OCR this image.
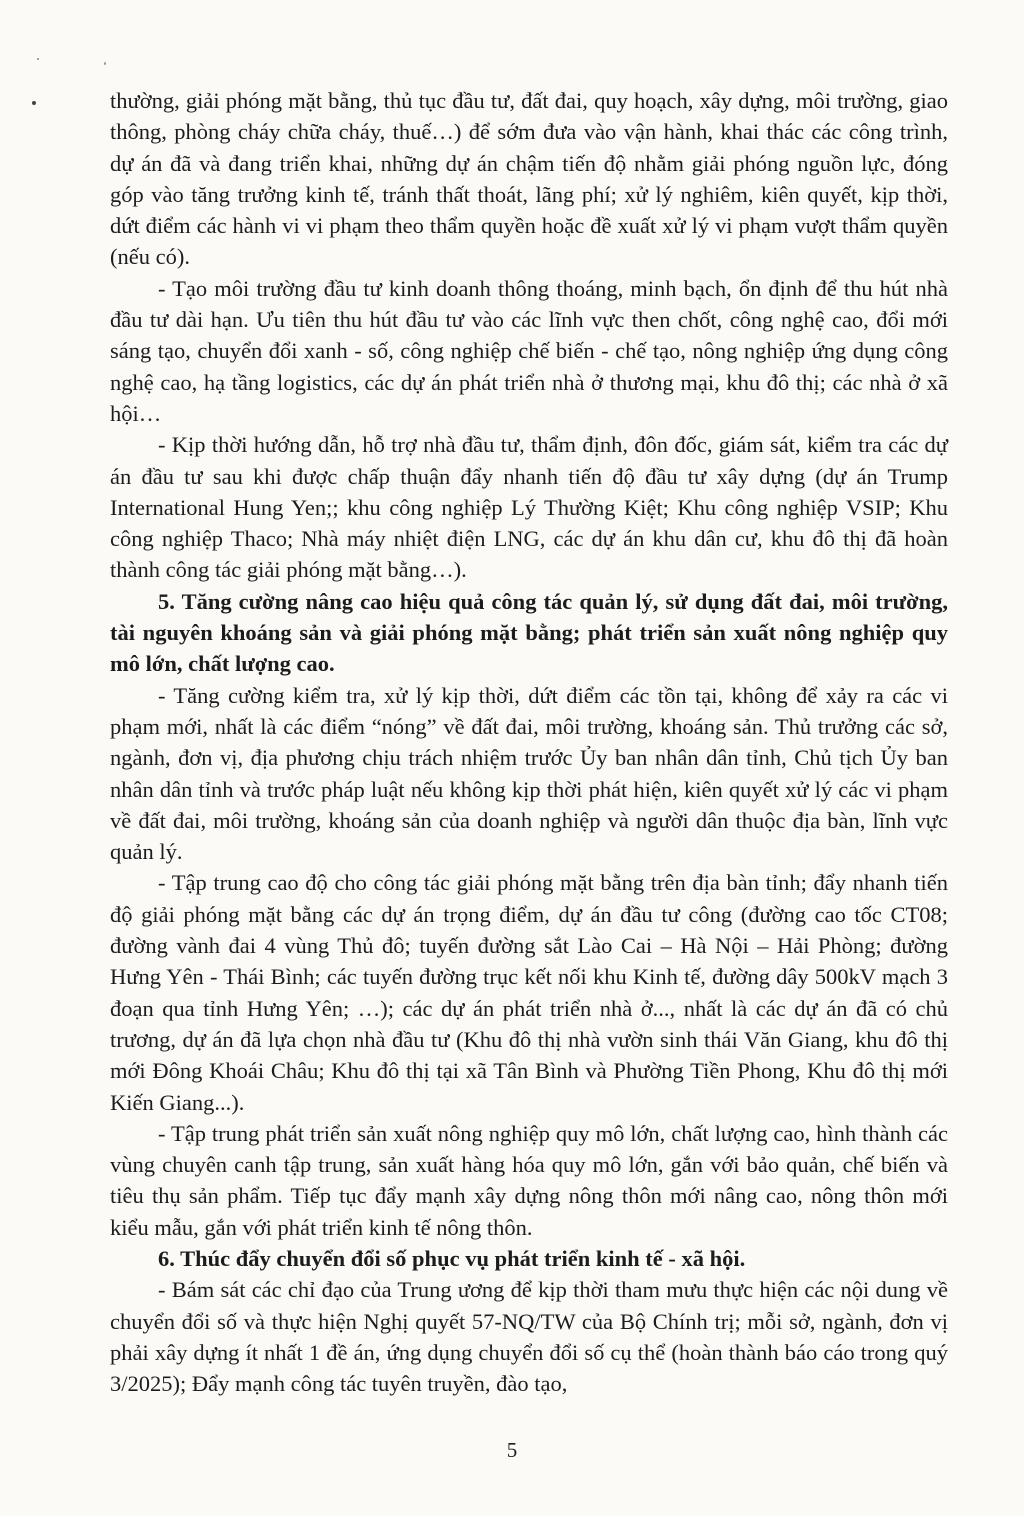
thường, giải phóng mặt bằng, thủ tục đầu tư, đất đai, quy hoạch, xây dựng, môi trường, giao thông, phòng cháy chữa cháy, thuế…) để sớm đưa vào vận hành, khai thác các công trình, dự án đã và đang triển khai, những dự án chậm tiến độ nhằm giải phóng nguồn lực, đóng góp vào tăng trưởng kinh tế, tránh thất thoát, lãng phí; xử lý nghiêm, kiên quyết, kịp thời, dứt điểm các hành vi vi phạm theo thẩm quyền hoặc đề xuất xử lý vi phạm vượt thẩm quyền (nếu có).

- Tạo môi trường đầu tư kinh doanh thông thoáng, minh bạch, ổn định để thu hút nhà đầu tư dài hạn. Ưu tiên thu hút đầu tư vào các lĩnh vực then chốt, công nghệ cao, đổi mới sáng tạo, chuyển đổi xanh - số, công nghiệp chế biến - chế tạo, nông nghiệp ứng dụng công nghệ cao, hạ tầng logistics, các dự án phát triển nhà ở thương mại, khu đô thị; các nhà ở xã hội…

- Kịp thời hướng dẫn, hỗ trợ nhà đầu tư, thẩm định, đôn đốc, giám sát, kiểm tra các dự án đầu tư sau khi được chấp thuận đẩy nhanh tiến độ đầu tư xây dựng (dự án Trump International Hung Yen;; khu công nghiệp Lý Thường Kiệt; Khu công nghiệp VSIP; Khu công nghiệp Thaco; Nhà máy nhiệt điện LNG, các dự án khu dân cư, khu đô thị đã hoàn thành công tác giải phóng mặt bằng…).

5. Tăng cường nâng cao hiệu quả công tác quản lý, sử dụng đất đai, môi trường, tài nguyên khoáng sản và giải phóng mặt bằng; phát triển sản xuất nông nghiệp quy mô lớn, chất lượng cao.

- Tăng cường kiểm tra, xử lý kịp thời, dứt điểm các tồn tại, không để xảy ra các vi phạm mới, nhất là các điểm “nóng” về đất đai, môi trường, khoáng sản. Thủ trưởng các sở, ngành, đơn vị, địa phương chịu trách nhiệm trước Ủy ban nhân dân tỉnh, Chủ tịch Ủy ban nhân dân tỉnh và trước pháp luật nếu không kịp thời phát hiện, kiên quyết xử lý các vi phạm về đất đai, môi trường, khoáng sản của doanh nghiệp và người dân thuộc địa bàn, lĩnh vực quản lý.

- Tập trung cao độ cho công tác giải phóng mặt bằng trên địa bàn tỉnh; đẩy nhanh tiến độ giải phóng mặt bằng các dự án trọng điểm, dự án đầu tư công (đường cao tốc CT08; đường vành đai 4 vùng Thủ đô; tuyến đường sắt Lào Cai – Hà Nội – Hải Phòng; đường Hưng Yên - Thái Bình; các tuyến đường trục kết nối khu Kinh tế, đường dây 500kV mạch 3 đoạn qua tỉnh Hưng Yên; …); các dự án phát triển nhà ở..., nhất là các dự án đã có chủ trương, dự án đã lựa chọn nhà đầu tư (Khu đô thị nhà vườn sinh thái Văn Giang, khu đô thị mới Đông Khoái Châu; Khu đô thị tại xã Tân Bình và Phường Tiền Phong, Khu đô thị mới Kiến Giang...).

- Tập trung phát triển sản xuất nông nghiệp quy mô lớn, chất lượng cao, hình thành các vùng chuyên canh tập trung, sản xuất hàng hóa quy mô lớn, gắn với bảo quản, chế biến và tiêu thụ sản phẩm. Tiếp tục đẩy mạnh xây dựng nông thôn mới nâng cao, nông thôn mới kiểu mẫu, gắn với phát triển kinh tế nông thôn.

6. Thúc đẩy chuyển đổi số phục vụ phát triển kinh tế - xã hội.

- Bám sát các chỉ đạo của Trung ương để kịp thời tham mưu thực hiện các nội dung về chuyển đổi số và thực hiện Nghị quyết 57-NQ/TW của Bộ Chính trị; mỗi sở, ngành, đơn vị phải xây dựng ít nhất 1 đề án, ứng dụng chuyển đổi số cụ thể (hoàn thành báo cáo trong quý 3/2025); Đẩy mạnh công tác tuyên truyền, đào tạo,

5
